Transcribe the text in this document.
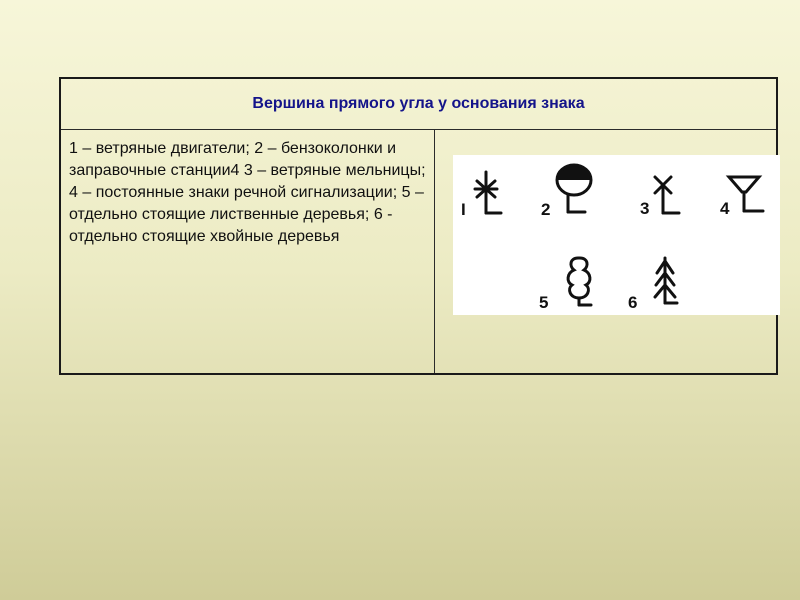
Вершина прямого угла у основания знака
1 – ветряные двигатели; 2 – бензоколонки и заправочные станции4 3 – ветряные мельницы; 4 – постоянные знаки речной сигнализации; 5 – отдельно стоящие лиственные деревья; 6 - отдельно стоящие хвойные деревья	
I	2	3	4
5	6
